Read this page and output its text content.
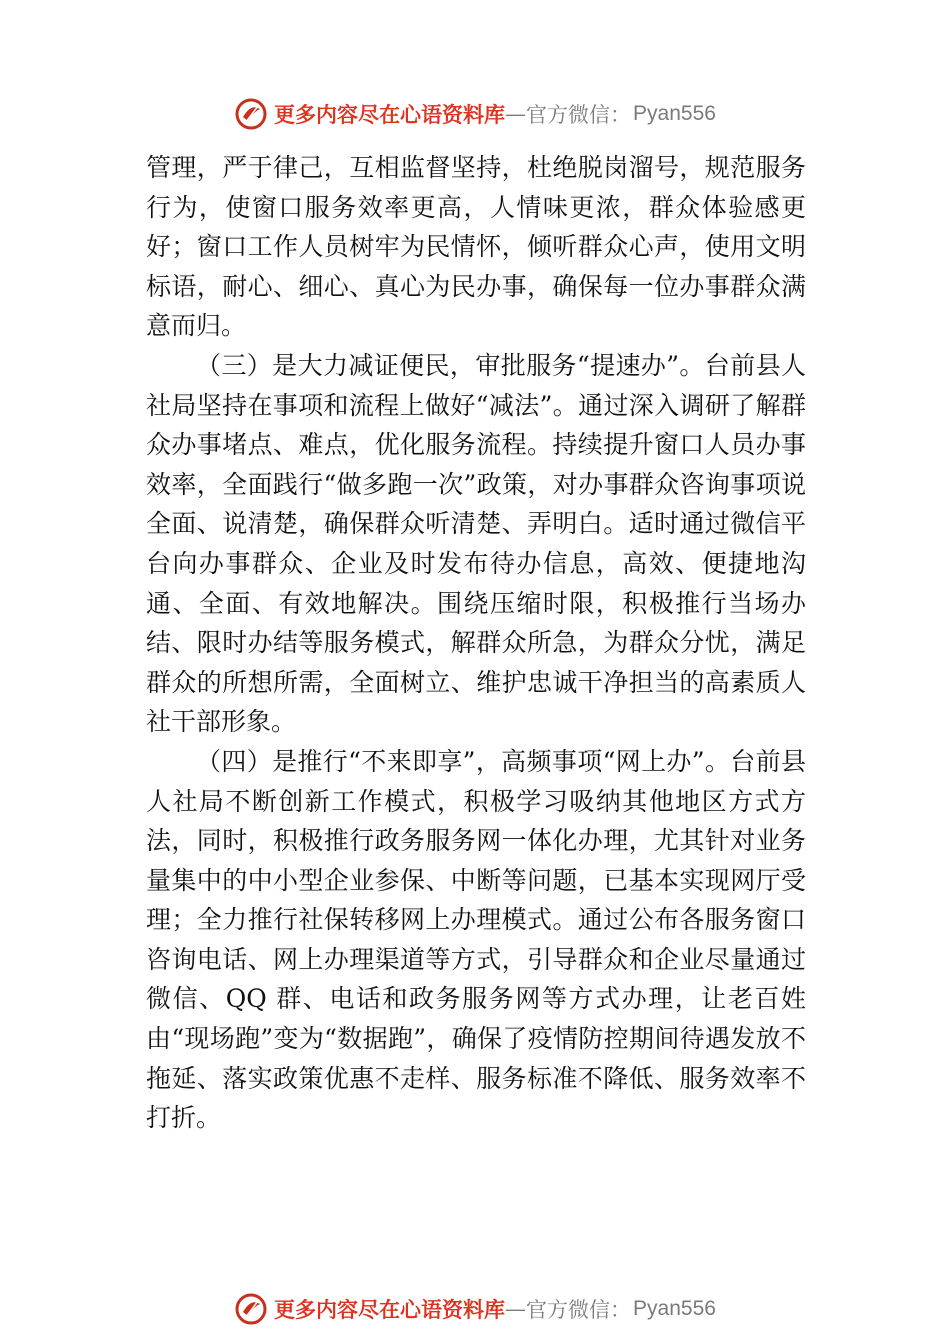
更多内容尽在心语资料库 — 官方微信： Pyan556

管理，严于律己，互相监督坚持，杜绝脱岗溜号，规范服务行为，使窗口服务效率更高，人情味更浓，群众体验感更好；窗口工作人员树牢为民情怀，倾听群众心声，使用文明标语，耐心、细心、真心为民办事，确保每一位办事群众满意而归。

（三）是大力减证便民，审批服务“提速办”。台前县人社局坚持在事项和流程上做好“减法”。通过深入调研了解群众办事堵点、难点，优化服务流程。持续提升窗口人员办事效率，全面践行“做多跑一次”政策，对办事群众咨询事项说全面、说清楚，确保群众听清楚、弄明白。适时通过微信平台向办事群众、企业及时发布待办信息，高效、便捷地沟通、全面、有效地解决。围绕压缩时限，积极推行当场办结、限时办结等服务模式，解群众所急，为群众分忧，满足群众的所想所需，全面树立、维护忠诚干净担当的高素质人社干部形象。

（四）是推行“不来即享”，高频事项“网上办”。台前县人社局不断创新工作模式，积极学习吸纳其他地区方式方法，同时，积极推行政务服务网一体化办理，尤其针对业务量集中的中小型企业参保、中断等问题，已基本实现网厅受理；全力推行社保转移网上办理模式。通过公布各服务窗口咨询电话、网上办理渠道等方式，引导群众和企业尽量通过微信、QQ 群、电话和政务服务网等方式办理，让老百姓由“现场跑”变为“数据跑”，确保了疫情防控期间待遇发放不拖延、落实政策优惠不走样、服务标准不降低、服务效率不打折。

更多内容尽在心语资料库 — 官方微信： Pyan556
